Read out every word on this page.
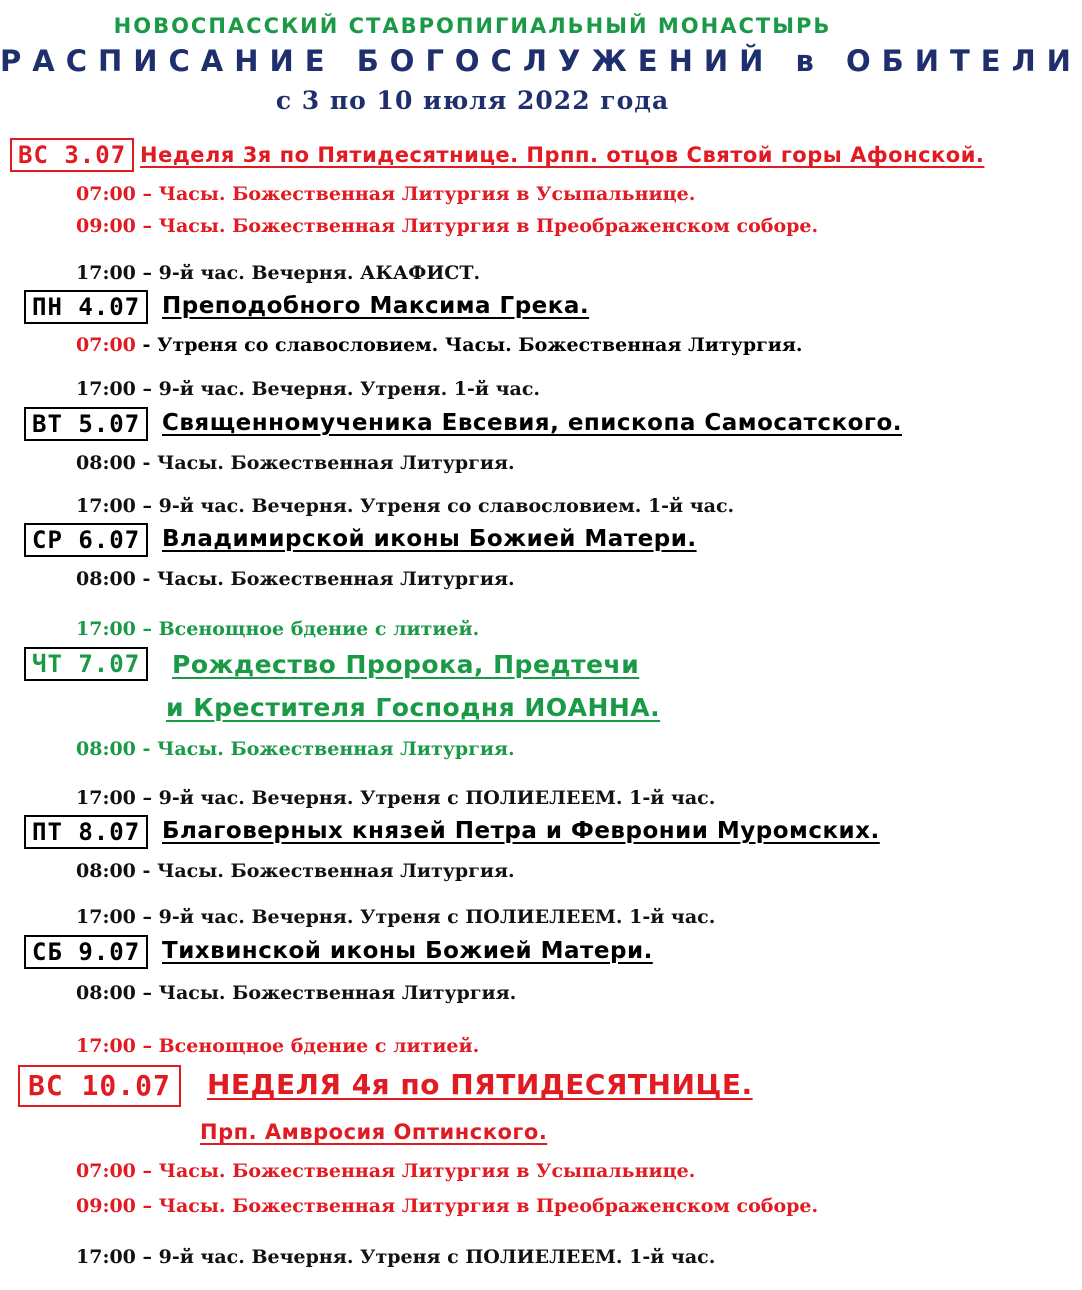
НОВОСПАССКИЙ СТАВРОПИГИАЛЬНЫЙ МОНАСТЫРЬ
РАСПИСАНИЕ БОГОСЛУЖЕНИЙ в ОБИТЕЛИ
с 3 по 10 июля 2022 года
ВС 3.07 Неделя 3я по Пятидесятнице. Прпп. отцов Святой горы Афонской.
07:00 – Часы. Божественная Литургия в Усыпальнице.
09:00 – Часы. Божественная Литургия в Преображенском соборе.
17:00 – 9-й час. Вечерня. АКАФИСТ.
ПН 4.07 Преподобного Максима Грека.
07:00 - Утреня со славословием. Часы. Божественная Литургия.
17:00 – 9-й час. Вечерня. Утреня. 1-й час.
ВТ 5.07 Священномученика Евсевия, епископа Самосатского.
08:00 - Часы. Божественная Литургия.
17:00 – 9-й час. Вечерня. Утреня со славословием. 1-й час.
СР 6.07 Владимирской иконы Божией Матери.
08:00 - Часы. Божественная Литургия.
17:00 – Всенощное бдение с литией.
ЧТ 7.07	Рождество Пророка, Предтечи
и Крестителя Господня ИОАННА.
08:00 - Часы. Божественная Литургия.
17:00 – 9-й час. Вечерня. Утреня с ПОЛИЕЛЕЕМ. 1-й час.
ПТ 8.07 Благоверных князей Петра и Февронии Муромских.
08:00 - Часы. Божественная Литургия.
17:00 – 9-й час. Вечерня. Утреня с ПОЛИЕЛЕЕМ. 1-й час.
СБ 9.07 Тихвинской иконы Божией Матери.
08:00 – Часы. Божественная Литургия.
17:00 – Всенощное бдение с литией.
ВС 10.07	НЕДЕЛЯ 4я по ПЯТИДЕСЯТНИЦЕ.
Прп. Амвросия Оптинского.
07:00 – Часы. Божественная Литургия в Усыпальнице.
09:00 – Часы. Божественная Литургия в Преображенском соборе.
17:00 – 9-й час. Вечерня. Утреня с ПОЛИЕЛЕЕМ. 1-й час.
